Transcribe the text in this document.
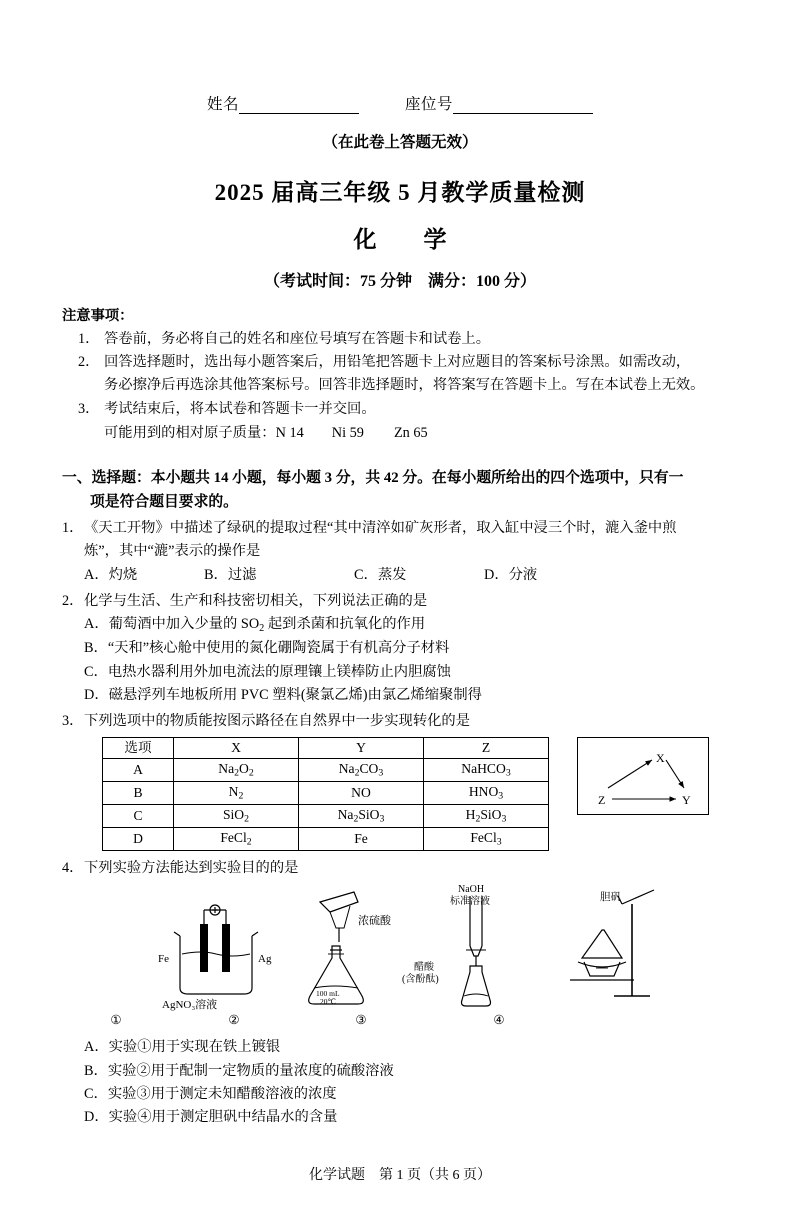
姓名	座位号
（在此卷上答题无效）
2025 届高三年级 5 月教学质量检测
化　学
（考试时间：75 分钟　满分：100 分）
注意事项：
1． 答卷前，务必将自己的姓名和座位号填写在答题卡和试卷上。
2． 回答选择题时，选出每小题答案后，用铅笔把答题卡上对应题目的答案标号涂黑。如需改动，
务必擦净后再选涂其他答案标号。回答非选择题时，将答案写在答题卡上。写在本试卷上无效。
3． 考试结束后，将本试卷和答题卡一并交回。
可能用到的相对原子质量：N 14 Ni 59 Zn 65
一、选择题：本小题共 14 小题，每小题 3 分，共 42 分。在每小题所给出的四个选项中，只有一
项是符合题目要求的。
1．《天工开物》中描述了绿矾的提取过程“其中清淬如矿灰形者，取入缸中浸三个时，漉入釜中煎
炼”，其中“漉”表示的操作是
A．灼烧	B．过滤	C．蒸发	D．分液
2．化学与生活、生产和科技密切相关，下列说法正确的是
A．葡萄酒中加入少量的 $SO_2$ 起到杀菌和抗氧化的作用
B．“天和”核心舱中使用的氮化硼陶瓷属于有机高分子材料
C．电热水器利用外加电流法的原理镶上镁棒防止内胆腐蚀
D．磁悬浮列车地板所用 PVC 塑料(聚氯乙烯)由氯乙烯缩聚制得
3．下列选项中的物质能按图示路径在自然界中一步实现转化的是
选项	X	Y	Z
A	$Na_2O_2$	$Na_2CO_3$	NaHCO$_3$
B	$N_2$	NO	$HNO_3$
C	SiO$_2$	$Na_2SiO_3$	$H_2SiO_3$
D	FeCl$_2$	Fe	FeCl$_3$
X
Z	Y
4．下列实验方法能达到实验目的的是
Fe	Ag
AgNO₃溶液
浓硫酸
100 mL
20℃
NaOH
标准溶液
醋酸
(含酚酞)
胆矾
①	②	③	④
A．实验①用于实现在铁上镀银
B．实验②用于配制一定物质的量浓度的硫酸溶液
C．实验③用于测定未知醋酸溶液的浓度
D．实验④用于测定胆矾中结晶水的含量
化学试题　第 1 页（共 6 页）
